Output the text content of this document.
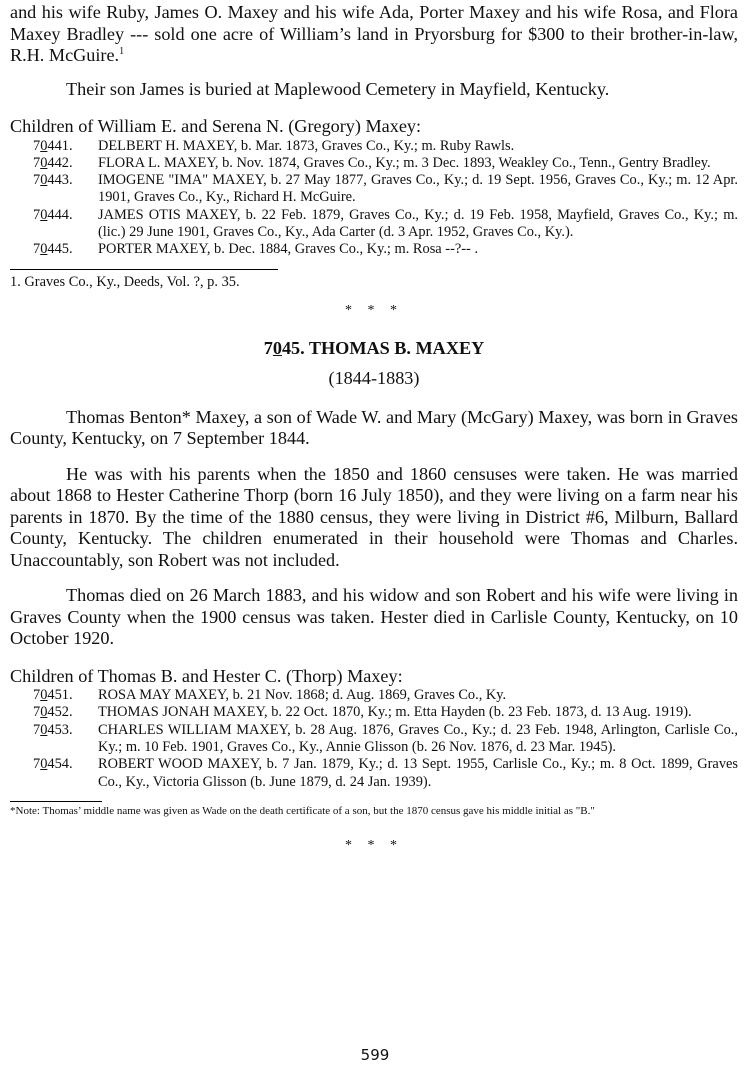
and his wife Ruby, James O. Maxey and his wife Ada, Porter Maxey and his wife Rosa, and Flora Maxey Bradley --- sold one acre of William’s land in Pryorsburg for $300 to their brother-in-law, R.H. McGuire.$^1$

Their son James is buried at Maplewood Cemetery in Mayfield, Kentucky.

Children of William E. and Serena N. (Gregory) Maxey:

70441.	DELBERT H. MAXEY, b. Mar. 1873, Graves Co., Ky.; m. Ruby Rawls.
70442.	FLORA L. MAXEY, b. Nov. 1874, Graves Co., Ky.; m. 3 Dec. 1893, Weakley Co., Tenn., Gentry Bradley.
70443.	IMOGENE "IMA" MAXEY, b. 27 May 1877, Graves Co., Ky.; d. 19 Sept. 1956, Graves Co., Ky.; m. 12 Apr. 1901, Graves Co., Ky., Richard H. McGuire.
70444.	JAMES OTIS MAXEY, b. 22 Feb. 1879, Graves Co., Ky.; d. 19 Feb. 1958, Mayfield, Graves Co., Ky.; m. (lic.) 29 June 1901, Graves Co., Ky., Ada Carter (d. 3 Apr. 1952, Graves Co., Ky.).
70445.	PORTER MAXEY, b. Dec. 1884, Graves Co., Ky.; m. Rosa --?-- .

1. Graves Co., Ky., Deeds, Vol. ?, p. 35.

* * *

7045. THOMAS B. MAXEY

(1844-1883)

Thomas Benton* Maxey, a son of Wade W. and Mary (McGary) Maxey, was born in Graves County, Kentucky, on 7 September 1844.

He was with his parents when the 1850 and 1860 censuses were taken. He was married about 1868 to Hester Catherine Thorp (born 16 July 1850), and they were living on a farm near his parents in 1870. By the time of the 1880 census, they were living in District #6, Milburn, Ballard County, Kentucky. The children enumerated in their household were Thomas and Charles. Unaccountably, son Robert was not included.

Thomas died on 26 March 1883, and his widow and son Robert and his wife were living in Graves County when the 1900 census was taken. Hester died in Carlisle County, Kentucky, on 10 October 1920.

Children of Thomas B. and Hester C. (Thorp) Maxey:

70451.	ROSA MAY MAXEY, b. 21 Nov. 1868; d. Aug. 1869, Graves Co., Ky.
70452.	THOMAS JONAH MAXEY, b. 22 Oct. 1870, Ky.; m. Etta Hayden (b. 23 Feb. 1873, d. 13 Aug. 1919).
70453.	CHARLES WILLIAM MAXEY, b. 28 Aug. 1876, Graves Co., Ky.; d. 23 Feb. 1948, Arlington, Carlisle Co., Ky.; m. 10 Feb. 1901, Graves Co., Ky., Annie Glisson (b. 26 Nov. 1876, d. 23 Mar. 1945).
70454.	ROBERT WOOD MAXEY, b. 7 Jan. 1879, Ky.; d. 13 Sept. 1955, Carlisle Co., Ky.; m. 8 Oct. 1899, Graves Co., Ky., Victoria Glisson (b. June 1879, d. 24 Jan. 1939).

*Note: Thomas’ middle name was given as Wade on the death certificate of a son, but the 1870 census gave his middle initial as "B."

* * *

599
